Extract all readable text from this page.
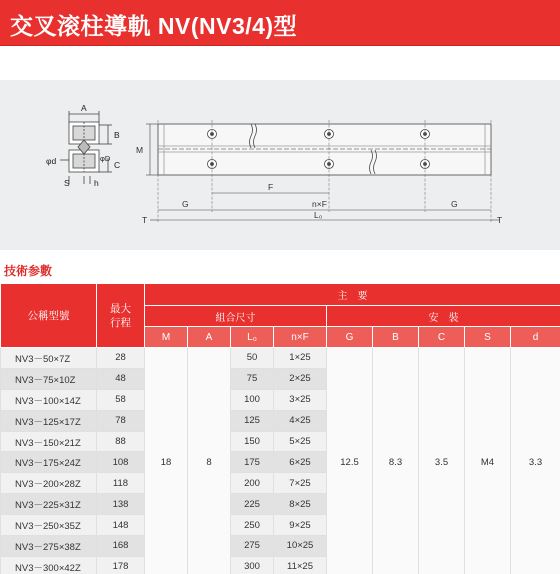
交叉滚柱導軌 NV(NV3/4)型
A
B
C
φd	φD
S	h
M
F
G	n×F	G
L₀
T	T
技術参數
公稱型號	最大行程	主　要								
		組合尺寸				安　裝				
		M	A	L₀	n×F	G	B	C	S	d
NV3－50×7Z	28	18	8	50	1×25	12.5	8.3	3.5	M4	3.3
NV3－75×10Z	48			75	2×25					
NV3－100×14Z	58			100	3×25					
NV3－125×17Z	78			125	4×25					
NV3－150×21Z	88			150	5×25					
NV3－175×24Z	108			175	6×25					
NV3－200×28Z	118			200	7×25					
NV3－225×31Z	138			225	8×25					
NV3－250×35Z	148			250	9×25					
NV3－275×38Z	168			275	10×25					
NV3－300×42Z	178			300	11×25					
